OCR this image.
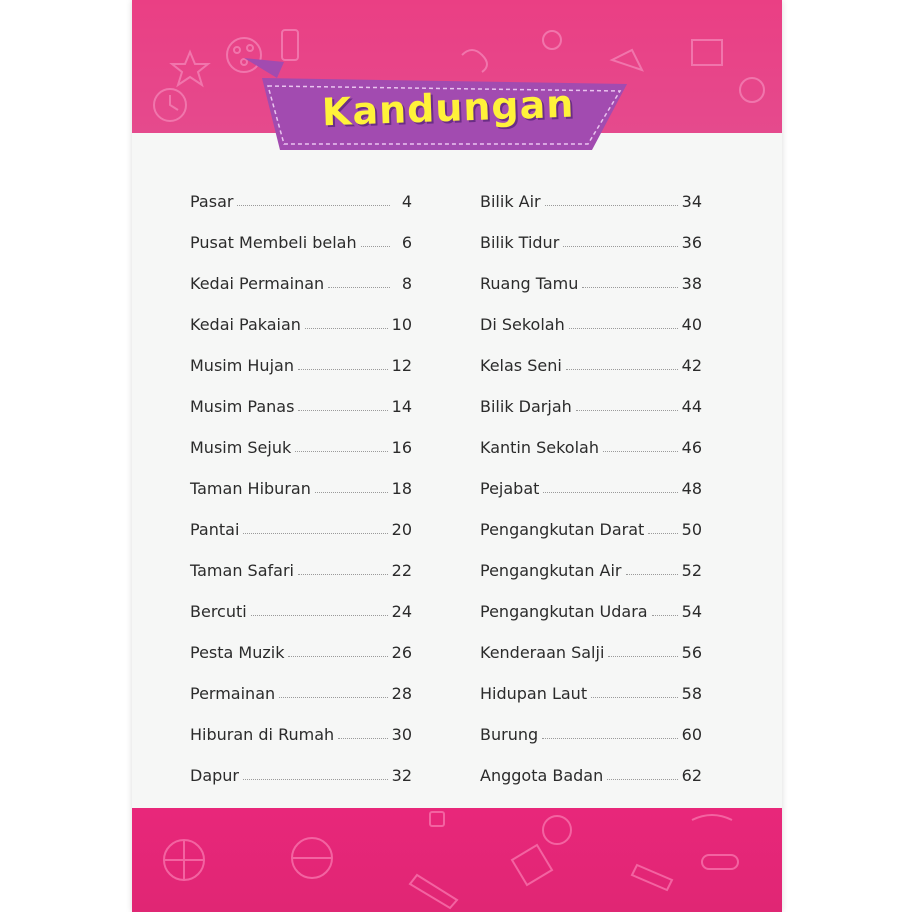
Kandungan
Pasar	4
Pusat Membeli belah	6
Kedai Permainan	8
Kedai Pakaian	10
Musim Hujan	12
Musim Panas	14
Musim Sejuk	16
Taman Hiburan	18
Pantai	20
Taman Safari	22
Bercuti	24
Pesta Muzik	26
Permainan	28
Hiburan di Rumah	30
Dapur	32
Bilik Air	34
Bilik Tidur	36
Ruang Tamu	38
Di Sekolah	40
Kelas Seni	42
Bilik Darjah	44
Kantin Sekolah	46
Pejabat	48
Pengangkutan Darat 50
Pengangkutan Air	52
Pengangkutan Udara 54
Kenderaan Salji	56
Hidupan Laut	58
Burung	60
Anggota Badan	62
